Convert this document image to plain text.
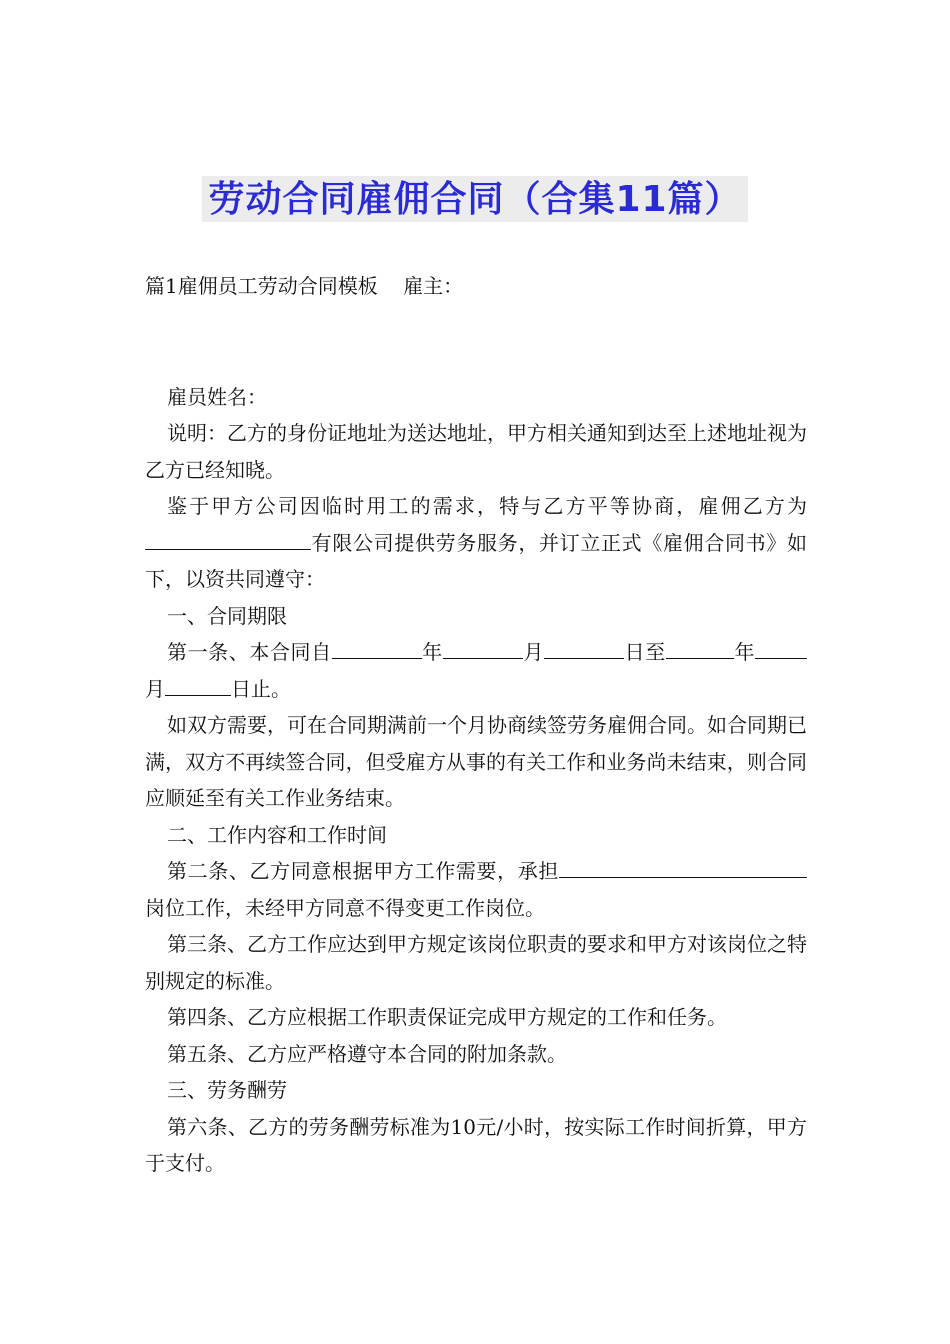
劳动合同雇佣合同（合集11篇）

篇1雇佣员工劳动合同模板 雇主：

雇员姓名：

说明：乙方的身份证地址为送达地址，甲方相关通知到达至上述地址视为乙方已经知晓。

鉴于甲方公司因临时用工的需求，特与乙方平等协商，雇佣乙方为有限公司提供劳务服务，并订立正式《雇佣合同书》如下，以资共同遵守：

一、合同期限

第一条、本合同自	年	月	日至	年月	日止。

如双方需要，可在合同期满前一个月协商续签劳务雇佣合同。如合同期已满，双方不再续签合同，但受雇方从事的有关工作和业务尚未结束，则合同应顺延至有关工作业务结束。

二、工作内容和工作时间

第二条、乙方同意根据甲方工作需要，承担岗位工作，未经甲方同意不得变更工作岗位。

第三条、乙方工作应达到甲方规定该岗位职责的要求和甲方对该岗位之特别规定的标准。

第四条、乙方应根据工作职责保证完成甲方规定的工作和任务。

第五条、乙方应严格遵守本合同的附加条款。

三、劳务酬劳

第六条、乙方的劳务酬劳标准为10元/小时，按实际工作时间折算，甲方于支付。
